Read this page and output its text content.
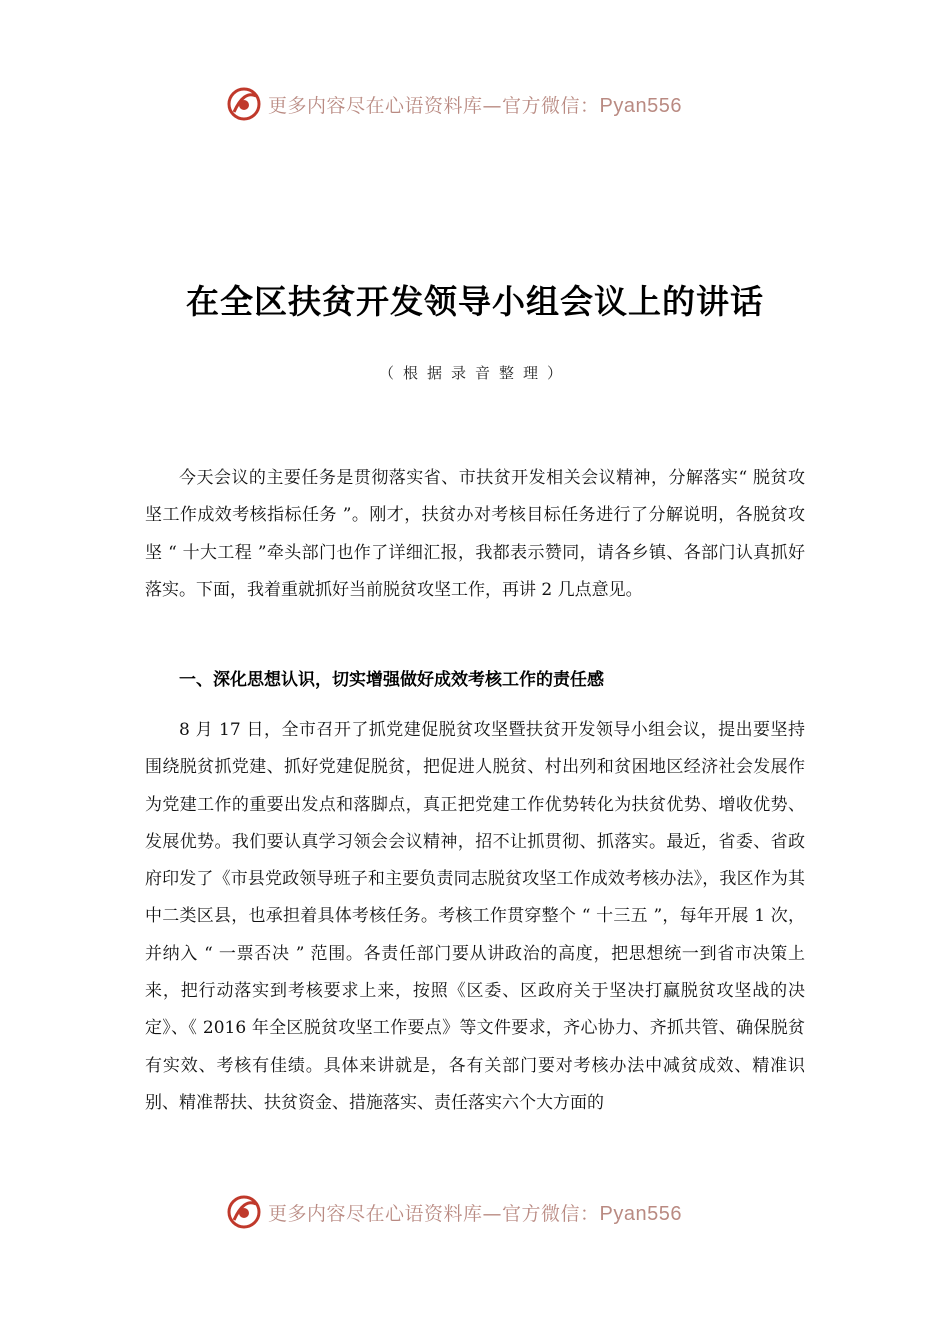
更多内容尽在心语资料库—官方微信：Pyan556
在全区扶贫开发领导小组会议上的讲话
（根据录音整理）
今天会议的主要任务是贯彻落实省、市扶贫开发相关会议精神，分解落实“ 脱贫攻坚工作成效考核指标任务 ”。刚才，扶贫办对考核目标任务进行了分解说明，各脱贫攻坚 “ 十大工程 ”牵头部门也作了详细汇报，我都表示赞同，请各乡镇、各部门认真抓好落实。下面，我着重就抓好当前脱贫攻坚工作，再讲 2 几点意见。
一、深化思想认识，切实增强做好成效考核工作的责任感
8 月 17 日，全市召开了抓党建促脱贫攻坚暨扶贫开发领导小组会议，提出要坚持围绕脱贫抓党建、抓好党建促脱贫，把促进人脱贫、村出列和贫困地区经济社会发展作为党建工作的重要出发点和落脚点，真正把党建工作优势转化为扶贫优势、增收优势、发展优势。我们要认真学习领会会议精神，招不让抓贯彻、抓落实。最近，省委、省政府印发了《市县党政领导班子和主要负责同志脱贫攻坚工作成效考核办法》，我区作为其中二类区县，也承担着具体考核任务。考核工作贯穿整个 “ 十三五 ”，每年开展 1 次，并纳入 “ 一票否决 ” 范围。各责任部门要从讲政治的高度，把思想统一到省市决策上来，把行动落实到考核要求上来，按照《区委、区政府关于坚决打赢脱贫攻坚战的决定》、《 2016 年全区脱贫攻坚工作要点》等文件要求，齐心协力、齐抓共管、确保脱贫有实效、考核有佳绩。具体来讲就是，各有关部门要对考核办法中减贫成效、精准识别、精准帮扶、扶贫资金、措施落实、责任落实六个大方面的
更多内容尽在心语资料库—官方微信：Pyan556
